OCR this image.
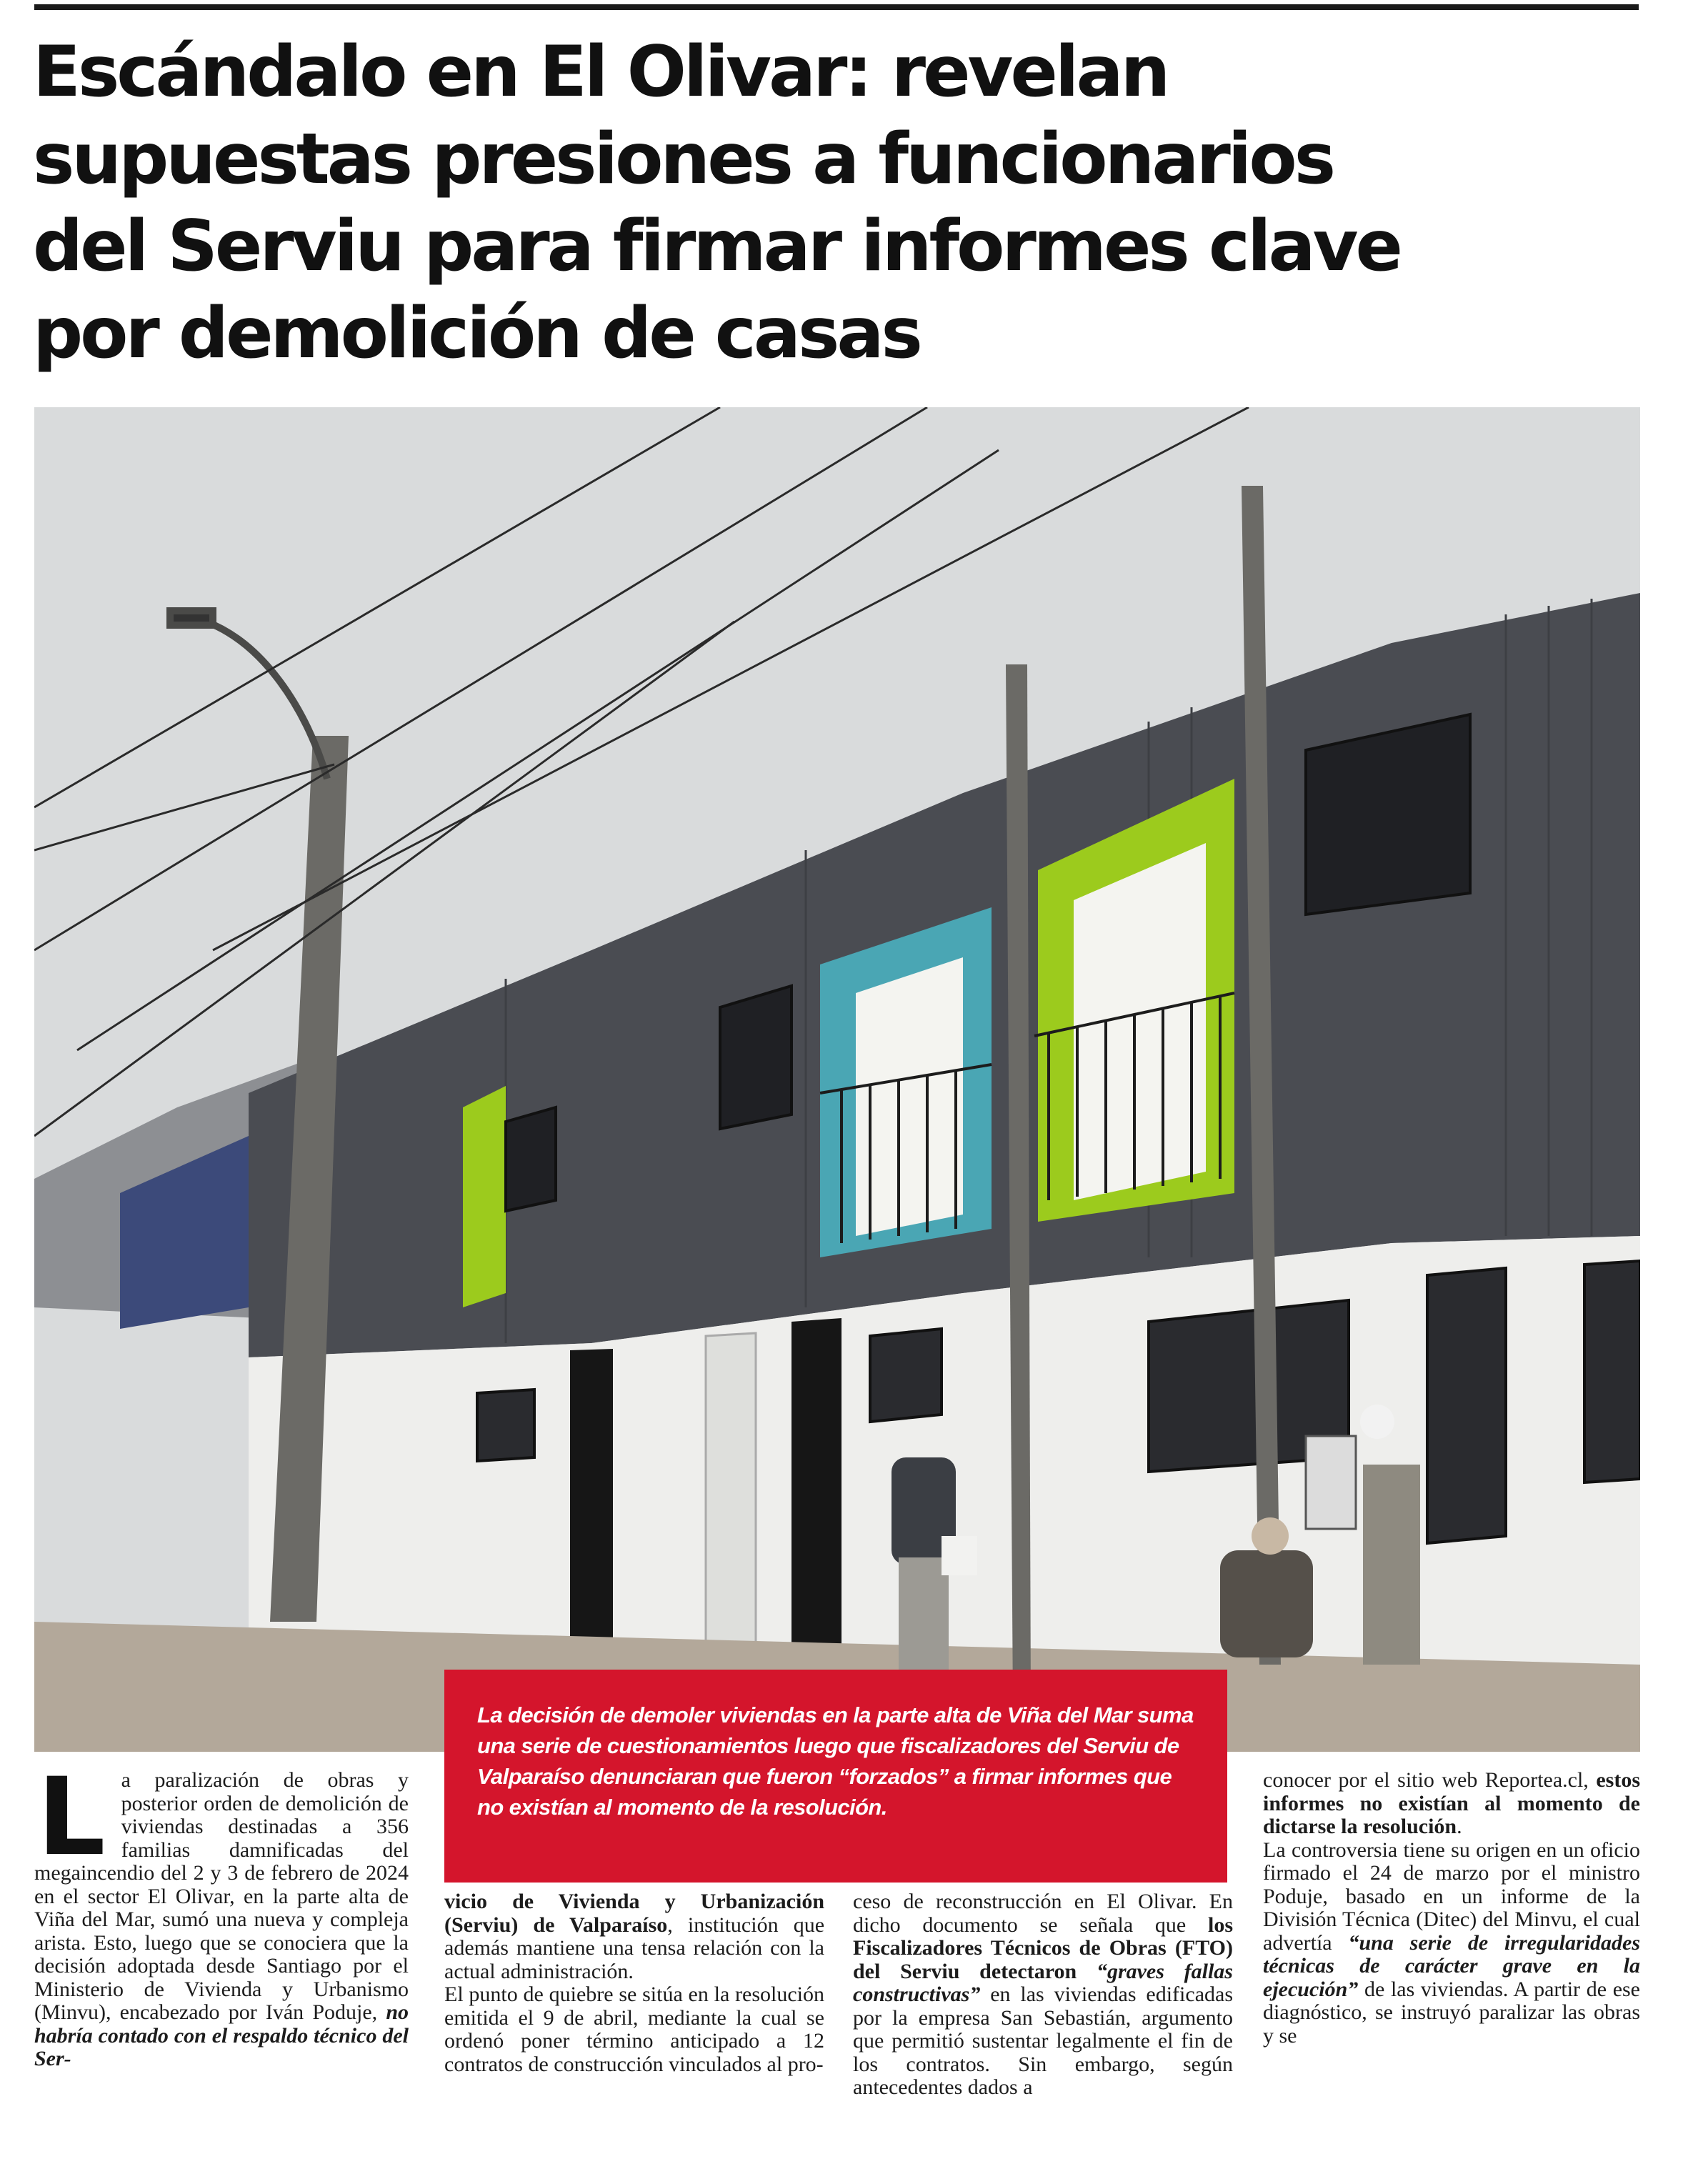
Escándalo en El Olivar: revelan
supuestas presiones a funcionarios
del Serviu para firmar informes clave
por demolición de casas

La decisión de demoler viviendas en la parte alta de Viña del Mar suma una serie de cuestionamientos luego que fiscalizadores del Serviu de Valparaíso denunciaran que fueron “forzados” a firmar informes que no existían al momento de la resolución.

L a paralización de obras y posterior orden de demolición de viviendas destinadas a 356 familias damnificadas del megaincendio del 2 y 3 de febrero de 2024 en el sector El Olivar, en la parte alta de Viña del Mar, sumó una nueva y compleja arista. Esto, luego que se conociera que la decisión adoptada desde Santiago por el Ministerio de Vivienda y Urbanismo (Minvu), encabezado por Iván Poduje, no habría contado con el respaldo técnico del Ser-

vicio de Vivienda y Urbanización (Serviu) de Valparaíso, institución que además mantiene una tensa relación con la actual administración.

El punto de quiebre se sitúa en la resolución emitida el 9 de abril, mediante la cual se ordenó poner término anticipado a 12 contratos de construcción vinculados al pro-

ceso de reconstrucción en El Olivar. En dicho documento se señala que los Fiscalizadores Técnicos de Obras (FTO) del Serviu detectaron “graves fallas constructivas” en las viviendas edificadas por la empresa San Sebastián, argumento que permitió sustentar legalmente el fin de los contratos. Sin embargo, según antecedentes dados a

conocer por el sitio web Reportea.cl, estos informes no existían al momento de dictarse la resolución.

La controversia tiene su origen en un oficio firmado el 24 de marzo por el ministro Poduje, basado en un informe de la División Técnica (Ditec) del Minvu, el cual advertía “una serie de irregularidades técnicas de carácter grave en la ejecución” de las viviendas. A partir de ese diagnóstico, se instruyó paralizar las obras y se
